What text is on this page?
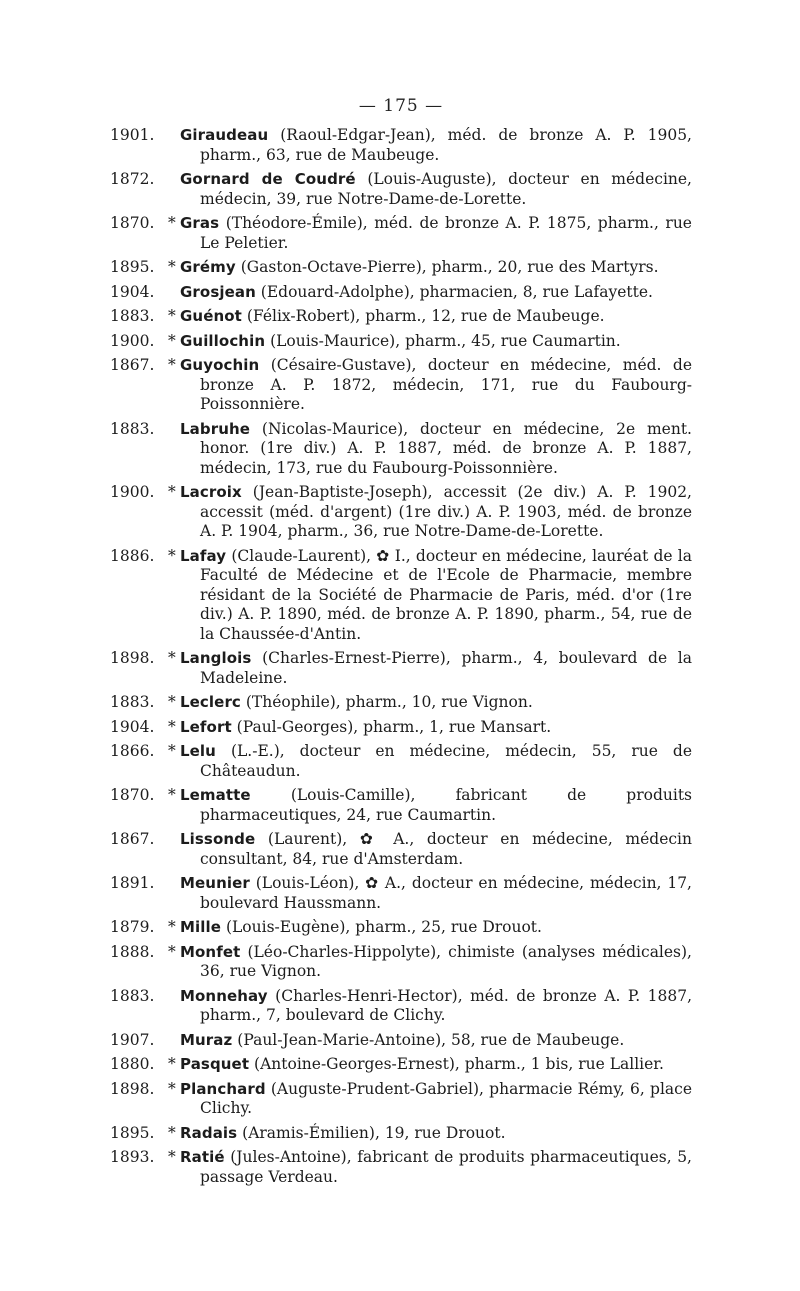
— 175 —
1901. Giraudeau (Raoul-Edgar-Jean), méd. de bronze A. P. 1905, pharm., 63, rue de Maubeuge.
1872. Gornard de Coudré (Louis-Auguste), docteur en médecine, médecin, 39, rue Notre-Dame-de-Lorette.
1870. * Gras (Théodore-Émile), méd. de bronze A. P. 1875, pharm., rue Le Peletier.
1895. * Grémy (Gaston-Octave-Pierre), pharm., 20, rue des Martyrs.
1904. Grosjean (Edouard-Adolphe), pharmacien, 8, rue Lafayette.
1883. * Guénot (Félix-Robert), pharm., 12, rue de Maubeuge.
1900. * Guillochin (Louis-Maurice), pharm., 45, rue Caumartin.
1867. * Guyochin (Césaire-Gustave), docteur en médecine, méd. de bronze A. P. 1872, médecin, 171, rue du Faubourg-Poissonnière.
1883. Labruhe (Nicolas-Maurice), docteur en médecine, 2e ment. honor. (1re div.) A. P. 1887, méd. de bronze A. P. 1887, médecin, 173, rue du Faubourg-Poissonnière.
1900. * Lacroix (Jean-Baptiste-Joseph), accessit (2e div.) A. P. 1902, accessit (méd. d'argent) (1re div.) A. P. 1903, méd. de bronze A. P. 1904, pharm., 36, rue Notre-Dame-de-Lorette.
1886. * Lafay (Claude-Laurent), ✿ I., docteur en médecine, lauréat de la Faculté de Médecine et de l'Ecole de Pharmacie, membre résidant de la Société de Pharmacie de Paris, méd. d'or (1re div.) A. P. 1890, méd. de bronze A. P. 1890, pharm., 54, rue de la Chaussée-d'Antin.
1898. * Langlois (Charles-Ernest-Pierre), pharm., 4, boulevard de la Madeleine.
1883. * Leclerc (Théophile), pharm., 10, rue Vignon.
1904. * Lefort (Paul-Georges), pharm., 1, rue Mansart.
1866. * Lelu (L.-E.), docteur en médecine, médecin, 55, rue de Châteaudun.
1870. * Lematte	(Louis-Camille), fabricant de produits pharmaceutiques, 24, rue Caumartin.
1867. Lissonde (Laurent), ✿ A., docteur en médecine, médecin consultant, 84, rue d'Amsterdam.
1891. Meunier (Louis-Léon), ✿ A., docteur en médecine, médecin, 17, boulevard Haussmann.
1879. * Mille (Louis-Eugène), pharm., 25, rue Drouot.
1888. * Monfet (Léo-Charles-Hippolyte), chimiste (analyses médicales), 36, rue Vignon.
1883. Monnehay (Charles-Henri-Hector), méd. de bronze A. P. 1887, pharm., 7, boulevard de Clichy.
1907. Muraz (Paul-Jean-Marie-Antoine), 58, rue de Maubeuge.
1880. * Pasquet (Antoine-Georges-Ernest), pharm., 1 bis, rue Lallier.
1898. * Planchard (Auguste-Prudent-Gabriel), pharmacie Rémy, 6, place Clichy.
1895. * Radais (Aramis-Émilien), 19, rue Drouot.
1893. * Ratié (Jules-Antoine), fabricant de produits pharmaceutiques, 5, passage Verdeau.
